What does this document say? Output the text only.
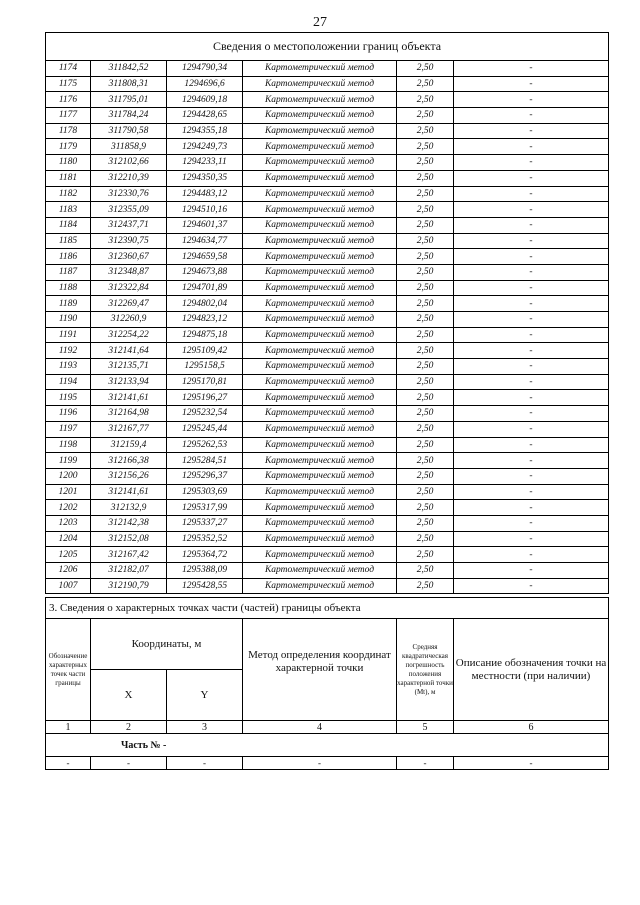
27
Сведения о местоположении границ объекта					
1174	311842,52	1294790,34	Картометрический метод	2,50	-
1175	311808,31	1294696,6	Картометрический метод	2,50	-
1176	311795,01	1294609,18	Картометрический метод	2,50	-
1177	311784,24	1294428,65	Картометрический метод	2,50	-
1178	311790,58	1294355,18	Картометрический метод	2,50	-
1179	311858,9	1294249,73	Картометрический метод	2,50	-
1180	312102,66	1294233,11	Картометрический метод	2,50	-
1181	312210,39	1294350,35	Картометрический метод	2,50	-
1182	312330,76	1294483,12	Картометрический метод	2,50	-
1183	312355,09	1294510,16	Картометрический метод	2,50	-
1184	312437,71	1294601,37	Картометрический метод	2,50	-
1185	312390,75	1294634,77	Картометрический метод	2,50	-
1186	312360,67	1294659,58	Картометрический метод	2,50	-
1187	312348,87	1294673,88	Картометрический метод	2,50	-
1188	312322,84	1294701,89	Картометрический метод	2,50	-
1189	312269,47	1294802,04	Картометрический метод	2,50	-
1190	312260,9	1294823,12	Картометрический метод	2,50	-
1191	312254,22	1294875,18	Картометрический метод	2,50	-
1192	312141,64	1295109,42	Картометрический метод	2,50	-
1193	312135,71	1295158,5	Картометрический метод	2,50	-
1194	312133,94	1295170,81	Картометрический метод	2,50	-
1195	312141,61	1295196,27	Картометрический метод	2,50	-
1196	312164,98	1295232,54	Картометрический метод	2,50	-
1197	312167,77	1295245,44	Картометрический метод	2,50	-
1198	312159,4	1295262,53	Картометрический метод	2,50	-
1199	312166,38	1295284,51	Картометрический метод	2,50	-
1200	312156,26	1295296,37	Картометрический метод	2,50	-
1201	312141,61	1295303,69	Картометрический метод	2,50	-
1202	312132,9	1295317,99	Картометрический метод	2,50	-
1203	312142,38	1295337,27	Картометрический метод	2,50	-
1204	312152,08	1295352,52	Картометрический метод	2,50	-
1205	312167,42	1295364,72	Картометрический метод	2,50	-
1206	312182,07	1295388,09	Картометрический метод	2,50	-
1007	312190,79	1295428,55	Картометрический метод	2,50	-
3. Сведения о характерных точках части (частей) границы объекта					
Обозначение характерных точек части границы	Координаты, м		Метод определения координат характерной точки	Средняя квадратическая погрешность положения характерной точки (Mt), м	Описание обозначения точки на местности (при наличии)
	X	Y			
1	2	3	4	5	6
Часть № -					
-	-	-	-	-	-
